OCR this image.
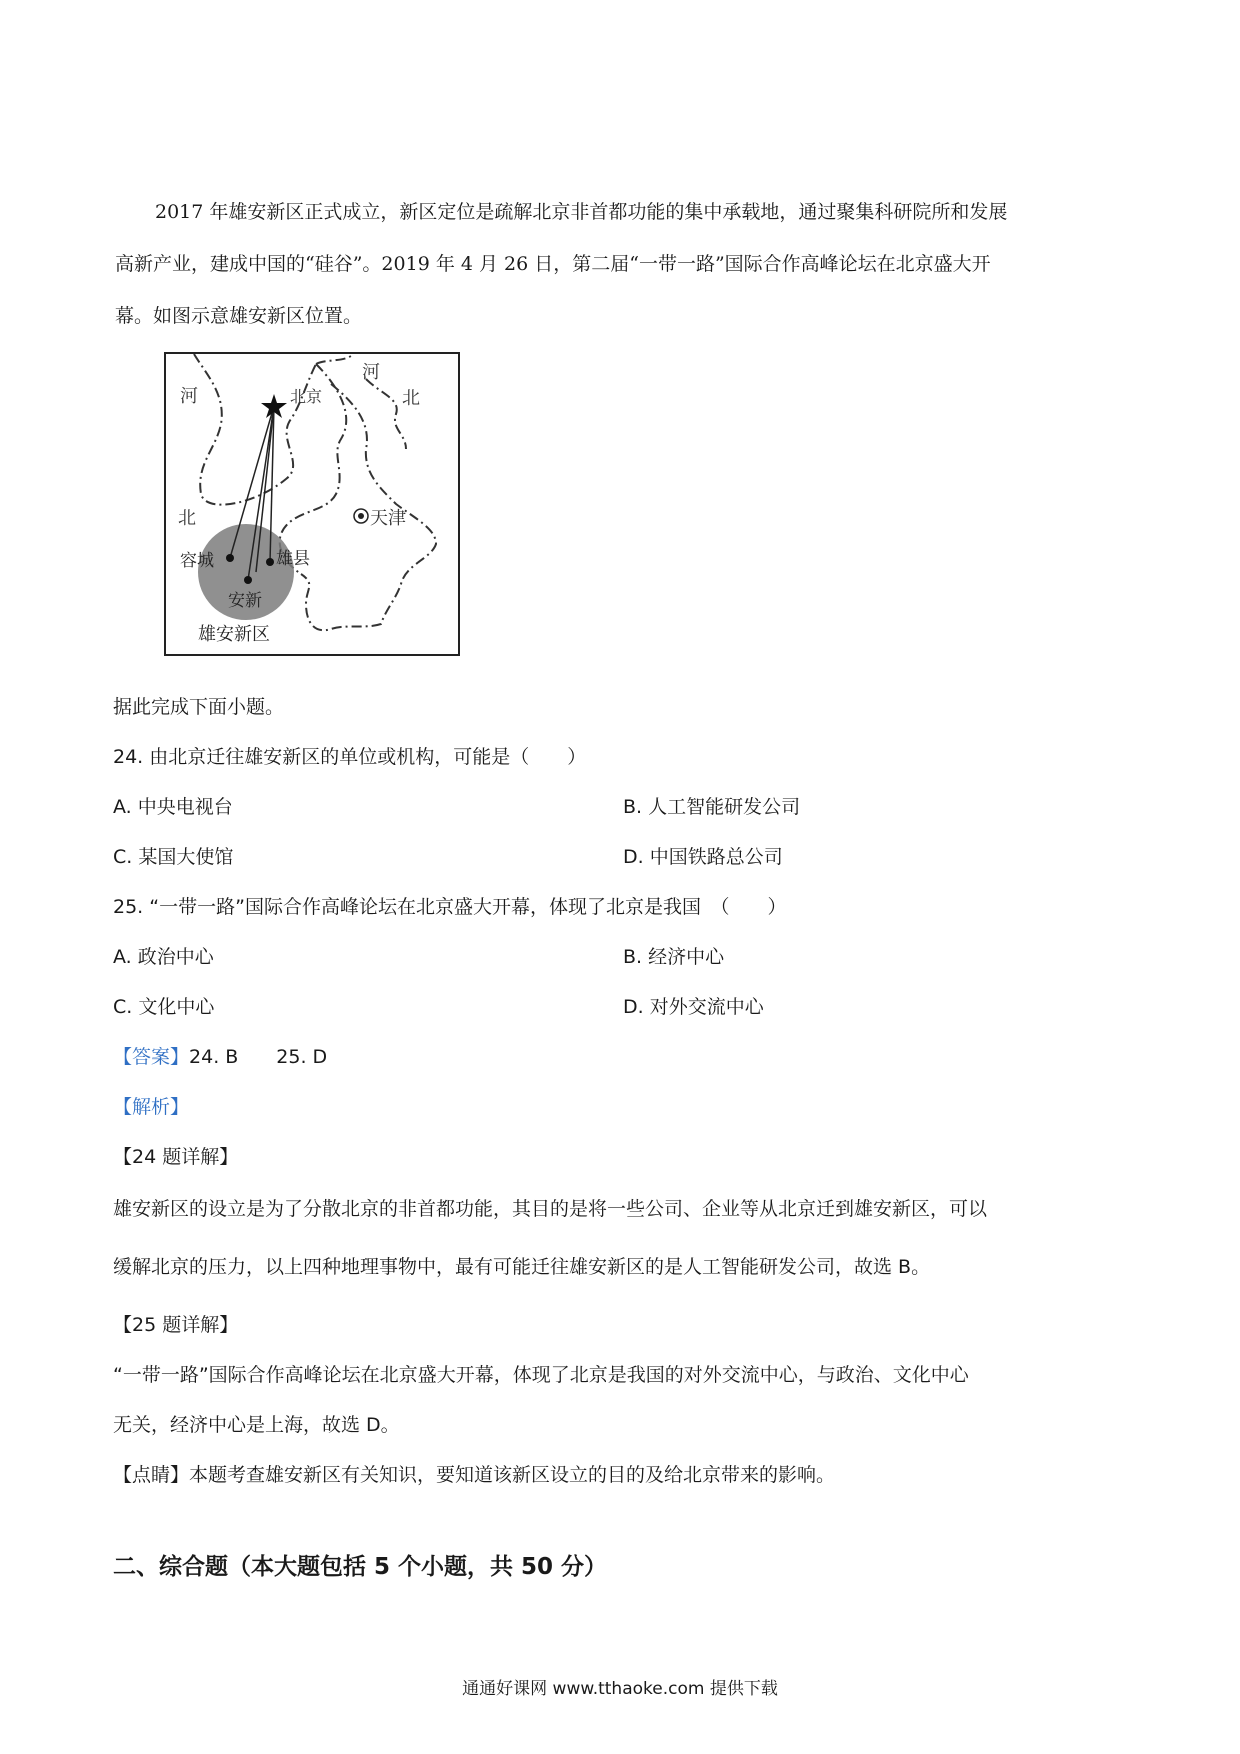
2017 年雄安新区正式成立，新区定位是疏解北京非首都功能的集中承载地，通过聚集科研院所和发展
高新产业，建成中国的“硅谷”。2019 年 4 月 26 日，第二届“一带一路”国际合作高峰论坛在北京盛大开
幕。如图示意雄安新区位置。
河
北
河
北
北京
天津
容城	雄县
安新
雄安新区
据此完成下面小题。
24. 由北京迁往雄安新区的单位或机构，可能是（　　）
A. 中央电视台	B. 人工智能研发公司
C. 某国大使馆	D. 中国铁路总公司
25. “一带一路”国际合作高峰论坛在北京盛大开幕，体现了北京是我国　（　　）
A. 政治中心	B. 经济中心
C. 文化中心	D. 对外交流中心
【答案】24. B　　25. D
【解析】
【24 题详解】
雄安新区的设立是为了分散北京的非首都功能，其目的是将一些公司、企业等从北京迁到雄安新区，可以
缓解北京的压力，以上四种地理事物中，最有可能迁往雄安新区的是人工智能研发公司，故选 B。
【25 题详解】
“一带一路”国际合作高峰论坛在北京盛大开幕，体现了北京是我国的对外交流中心，与政治、文化中心
无关，经济中心是上海，故选 D。
【点睛】本题考查雄安新区有关知识，要知道该新区设立的目的及给北京带来的影响。
二、综合题（本大题包括 5 个小题，共 50 分）
通通好课网 www.tthaoke.com 提供下载
